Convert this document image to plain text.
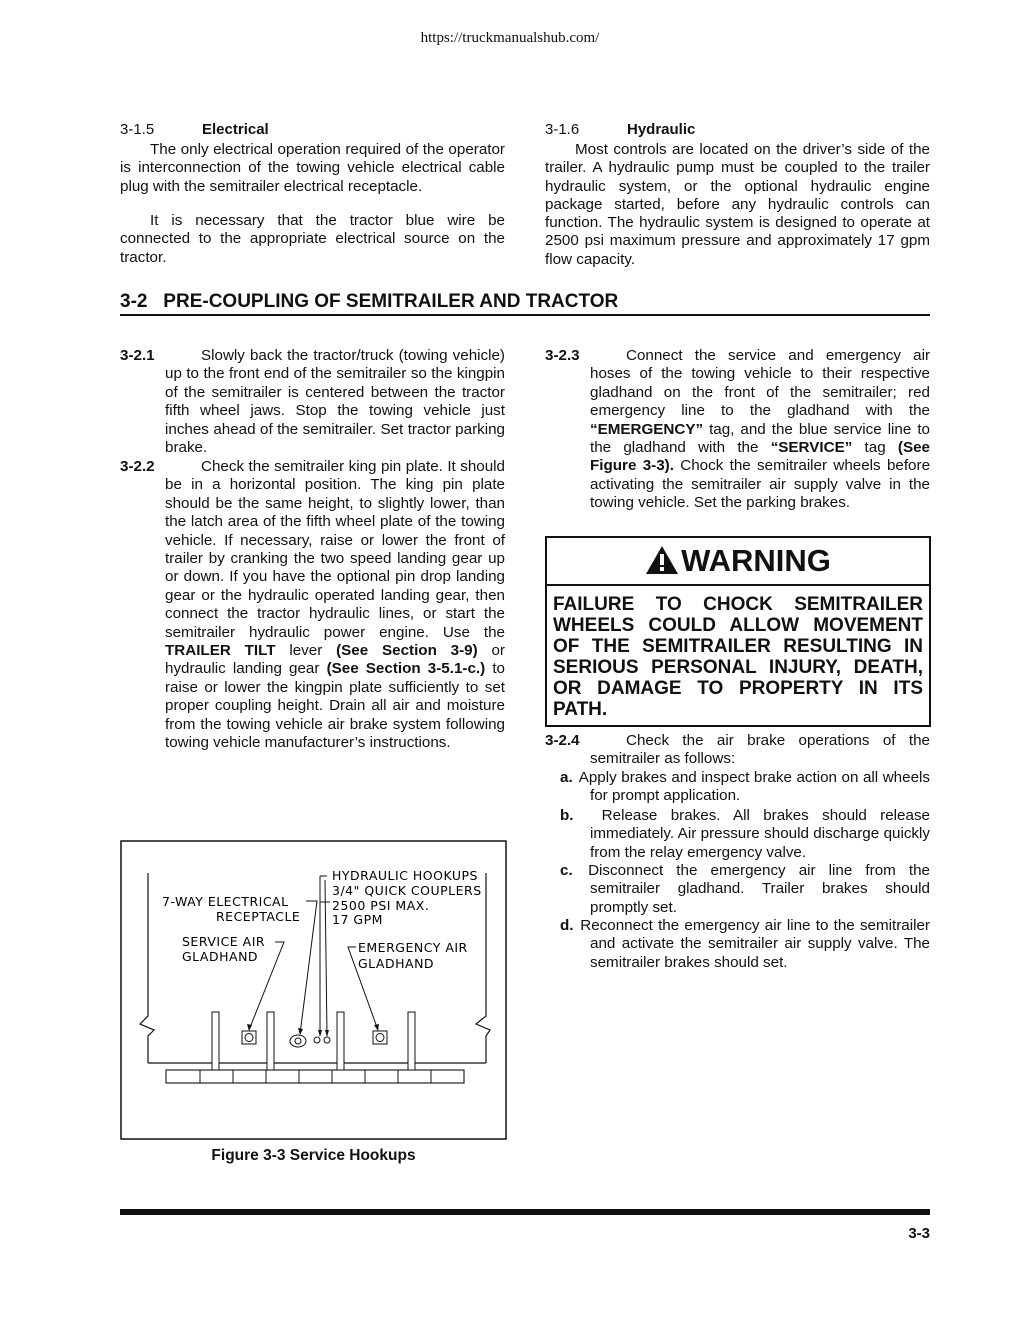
https://truckmanualshub.com/
3-1.5	Electrical

The only electrical operation required of the operator is interconnection of the towing vehicle electrical cable plug with the semitrailer electrical receptacle.

It is necessary that the tractor blue wire be connected to the appropriate electrical source on the tractor.

3-1.6	Hydraulic

Most controls are located on the driver’s side of the trailer. A hydraulic pump must be coupled to the trailer hydraulic system, or the optional hydraulic engine package started, before any hydraulic controls can function. The hydraulic system is designed to operate at 2500 psi maximum pressure and approximately 17 gpm flow capacity.

3-2   PRE-COUPLING OF SEMITRAILER AND TRACTOR
3-2.1	Slowly back the tractor/truck (towing vehicle) up to the front end of the semitrailer so the kingpin of the semitrailer is centered between the tractor fifth wheel jaws. Stop the towing vehicle just inches ahead of the semitrailer. Set tractor parking brake.
3-2.2	Check the semitrailer king pin plate. It should be in a horizontal position. The king pin plate should be the same height, to slightly lower, than the latch area of the fifth wheel plate of the towing vehicle. If necessary, raise or lower the front of trailer by cranking the two speed landing gear up or down. If you have the optional pin drop landing gear or the hydraulic operated landing gear, then connect the tractor hydraulic lines, or start the semitrailer hydraulic power engine. Use the TRAILER TILT lever (See Section 3-9) or hydraulic landing gear (See Section 3-5.1-c.) to raise or lower the kingpin plate sufficiently to set proper coupling height. Drain all air and moisture from the towing vehicle air brake system following towing vehicle manufacturer’s instructions.
3-2.3	Connect the service and emergency air hoses of the towing vehicle to their respective gladhand on the front of the semitrailer; red emergency line to the gladhand with the “EMERGENCY” tag, and the blue service line to the gladhand with the “SERVICE” tag (See Figure 3-3). Chock the semitrailer wheels before activating the semitrailer air supply valve in the towing vehicle. Set the parking brakes.
WARNING
FAILURE TO CHOCK SEMITRAILER WHEELS COULD ALLOW MOVEMENT OF THE SEMITRAILER RESULTING IN SERIOUS PERSONAL INJURY, DEATH, OR DAMAGE TO PROPERTY IN ITS PATH.
3-2.4	Check the air brake operations of the semitrailer as follows:
a. Apply brakes and inspect brake action on all wheels for prompt application.
b. Release brakes. All brakes should release immediately. Air pressure should discharge quickly from the relay emergency valve.
c. Disconnect the emergency air line from the semitrailer gladhand. Trailer brakes should promptly set.
d. Reconnect the emergency air line to the semitrailer and activate the semitrailer air supply valve. The semitrailer brakes should set.
HYDRAULIC HOOKUPS
3/4" QUICK COUPLERS
2500 PSI MAX.
17 GPM
7-WAY ELECTRICAL
RECEPTACLE
SERVICE AIR
GLADHAND
EMERGENCY AIR
GLADHAND
Figure 3-3 Service Hookups
3-3
